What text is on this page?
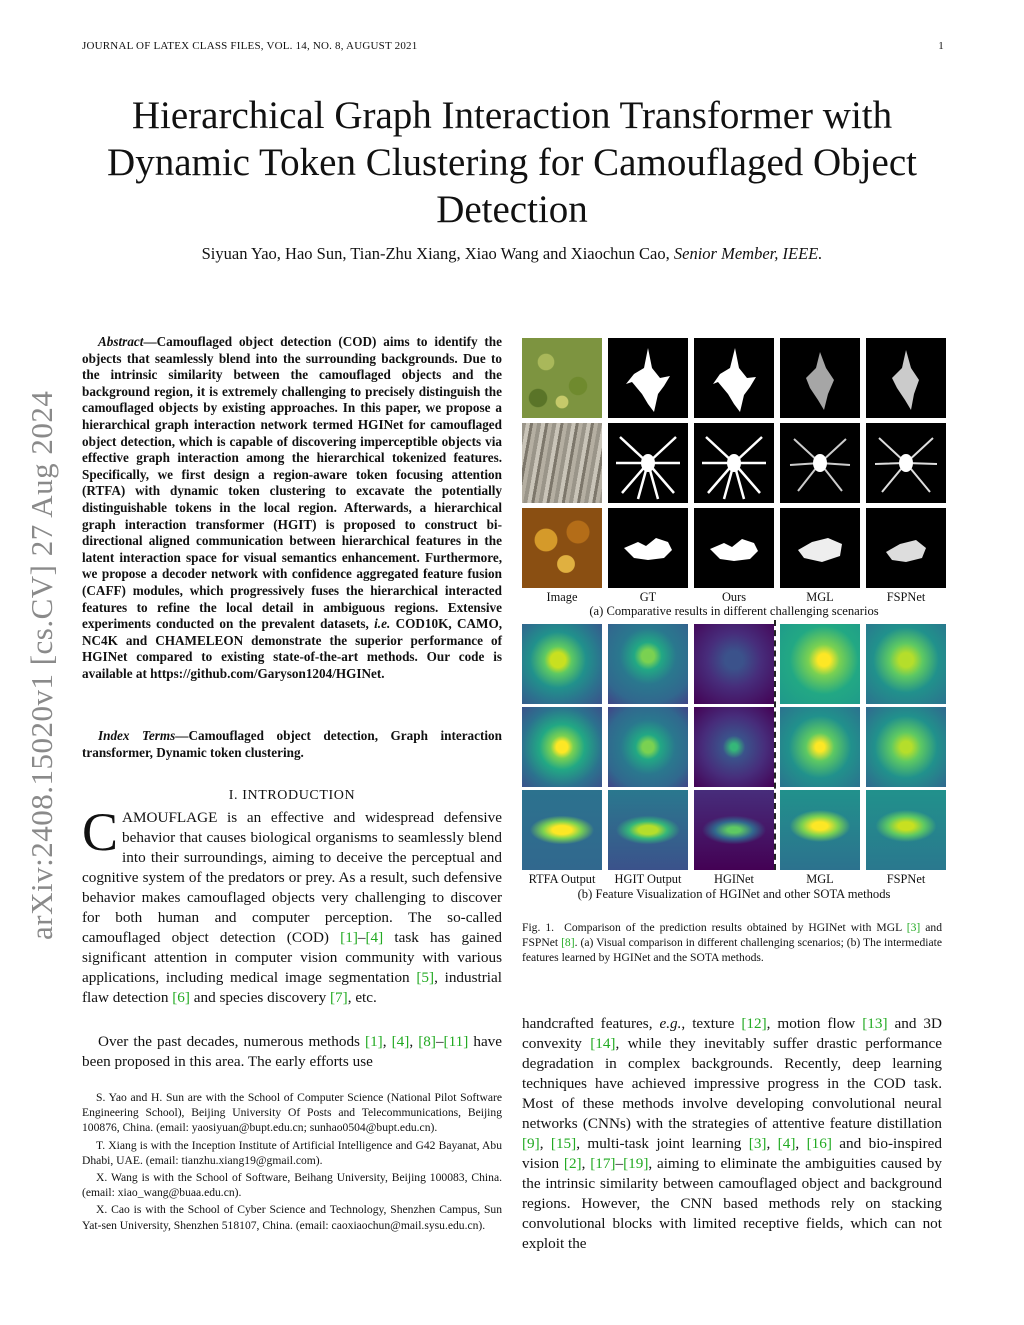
JOURNAL OF LATEX CLASS FILES, VOL. 14, NO. 8, AUGUST 2021	1
Hierarchical Graph Interaction Transformer with Dynamic Token Clustering for Camouflaged Object Detection
Siyuan Yao, Hao Sun, Tian-Zhu Xiang, Xiao Wang and Xiaochun Cao, Senior Member, IEEE.
arXiv:2408.15020v1 [cs.CV] 27 Aug 2024
Abstract—Camouflaged object detection (COD) aims to identify the objects that seamlessly blend into the surrounding backgrounds. Due to the intrinsic similarity between the camouflaged objects and the background region, it is extremely challenging to precisely distinguish the camouflaged objects by existing approaches. In this paper, we propose a hierarchical graph interaction network termed HGINet for camouflaged object detection, which is capable of discovering imperceptible objects via effective graph interaction among the hierarchical tokenized features. Specifically, we first design a region-aware token focusing attention (RTFA) with dynamic token clustering to excavate the potentially distinguishable tokens in the local region. Afterwards, a hierarchical graph interaction transformer (HGIT) is proposed to construct bi-directional aligned communication between hierarchical features in the latent interaction space for visual semantics enhancement. Furthermore, we propose a decoder network with confidence aggregated feature fusion (CAFF) modules, which progressively fuses the hierarchical interacted features to refine the local detail in ambiguous regions. Extensive experiments conducted on the prevalent datasets, i.e. COD10K, CAMO, NC4K and CHAMELEON demonstrate the superior performance of HGINet compared to existing state-of-the-art methods. Our code is available at https://github.com/Garyson1204/HGINet.
Index Terms—Camouflaged object detection, Graph interaction transformer, Dynamic token clustering.
I. INTRODUCTION
CAMOUFLAGE is an effective and widespread defensive behavior that causes biological organisms to seamlessly blend into their surroundings, aiming to deceive the perceptual and cognitive system of the predators or prey. As a result, such defensive behavior makes camouflaged objects very challenging to discover for both human and computer perception. The so-called camouflaged object detection (COD) [1]–[4] task has gained significant attention in computer vision community with various applications, including medical image segmentation [5], industrial flaw detection [6] and species discovery [7], etc.
Over the past decades, numerous methods [1], [4], [8]–[11] have been proposed in this area. The early efforts use

S. Yao and H. Sun are with the School of Computer Science (National Pilot Software Engineering School), Beijing University Of Posts and Telecommunications, Beijing 100876, China. (email: yaosiyuan@bupt.edu.cn; sunhao0504@bupt.edu.cn).

T. Xiang is with the Inception Institute of Artificial Intelligence and G42 Bayanat, Abu Dhabi, UAE. (email: tianzhu.xiang19@gmail.com).

X. Wang is with the School of Software, Beihang University, Beijing 100083, China. (email: xiao_wang@buaa.edu.cn).

X. Cao is with the School of Cyber Science and Technology, Shenzhen Campus, Sun Yat-sen University, Shenzhen 518107, China. (email: caoxiaochun@mail.sysu.edu.cn).

Image	GT	Ours	MGL	FSPNet
(a) Comparative results in different challenging scenarios
RTFA Output	HGIT Output	HGINet	MGL	FSPNet
(b) Feature Visualization of HGINet and other SOTA methods
Fig. 1. Comparison of the prediction results obtained by HGINet with MGL [3] and FSPNet [8]. (a) Visual comparison in different challenging scenarios; (b) The intermediate features learned by HGINet and the SOTA methods.
handcrafted features, e.g., texture [12], motion flow [13] and 3D convexity [14], while they inevitably suffer drastic performance degradation in complex backgrounds. Recently, deep learning techniques have achieved impressive progress in the COD task. Most of these methods involve developing convolutional neural networks (CNNs) with the strategies of attentive feature distillation [9], [15], multi-task joint learning [3], [4], [16] and bio-inspired vision [2], [17]–[19], aiming to eliminate the ambiguities caused by the intrinsic similarity between camouflaged object and background regions. However, the CNN based methods rely on stacking convolutional blocks with limited receptive fields, which can not exploit the
